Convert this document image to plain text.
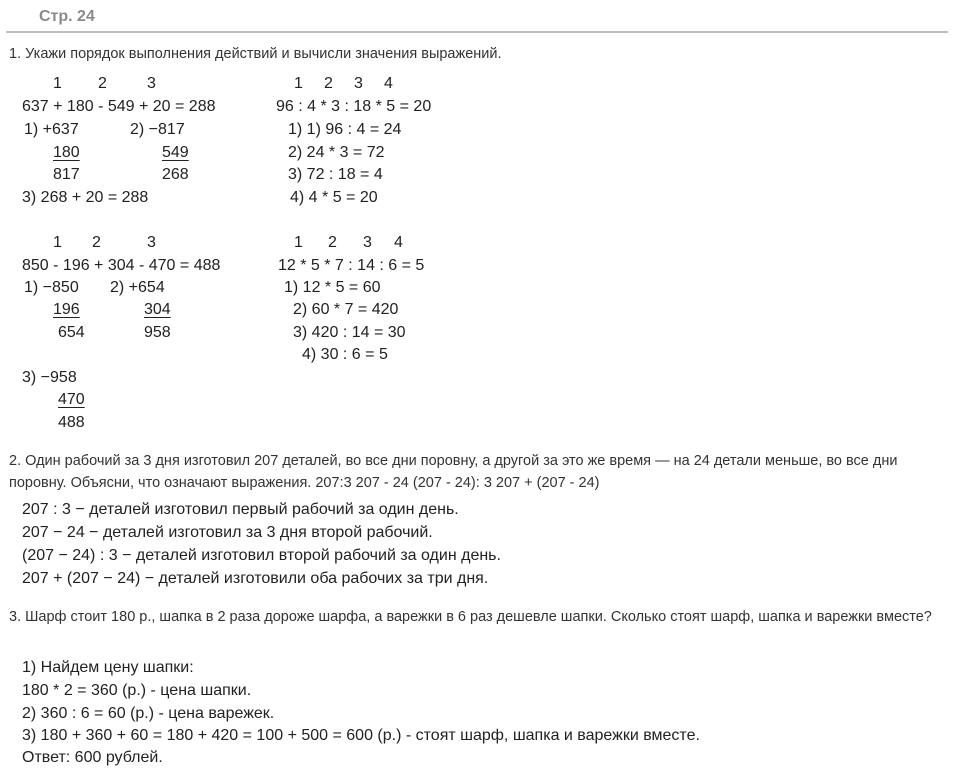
Стр. 24
1. Укажи порядок выполнения действий и вычисли значения выражений.
1 2	3
637 + 180 - 549 + 20 = 288
1) +637
180
817
2) −817
549
268
3) 268 + 20 = 288
1 2 3 4
96 : 4 * 3 : 18 * 5 = 20
1) 1) 96 : 4 = 24
2) 24 * 3 = 72
3) 72 : 18 = 4
4) 4 * 5 = 20
1 2	3
850 - 196 + 304 - 470 = 488
1) −850
196
654
2) +654
304
958
3) −958
470
488
1 2 3 4
12 * 5 * 7 : 14 : 6 = 5
1) 12 * 5 = 60
2) 60 * 7 = 420
3) 420 : 14 = 30
4) 30 : 6 = 5
2. Один рабочий за 3 дня изготовил 207 деталей, во все дни поровну, а другой за это же время — на 24 детали меньше, во все дни поровну. Объясни, что означают выражения. 207:3 207 - 24 (207 - 24): 3 207 + (207 - 24)
207 : 3 − деталей изготовил первый рабочий за один день.
207 − 24 − деталей изготовил за 3 дня второй рабочий.
(207 − 24) : 3 − деталей изготовил второй рабочий за один день.
207 + (207 − 24) − деталей изготовили оба рабочих за три дня.
3. Шарф стоит 180 р., шапка в 2 раза дороже шарфа, а варежки в 6 раз дешевле шапки. Сколько стоят шарф, шапка и варежки вместе?
1) Найдем цену шапки:
180 * 2 = 360 (р.) - цена шапки.
2) 360 : 6 = 60 (р.) - цена варежек.
3) 180 + 360 + 60 = 180 + 420 = 100 + 500 = 600 (р.) - стоят шарф, шапка и варежки вместе.
Ответ: 600 рублей.
